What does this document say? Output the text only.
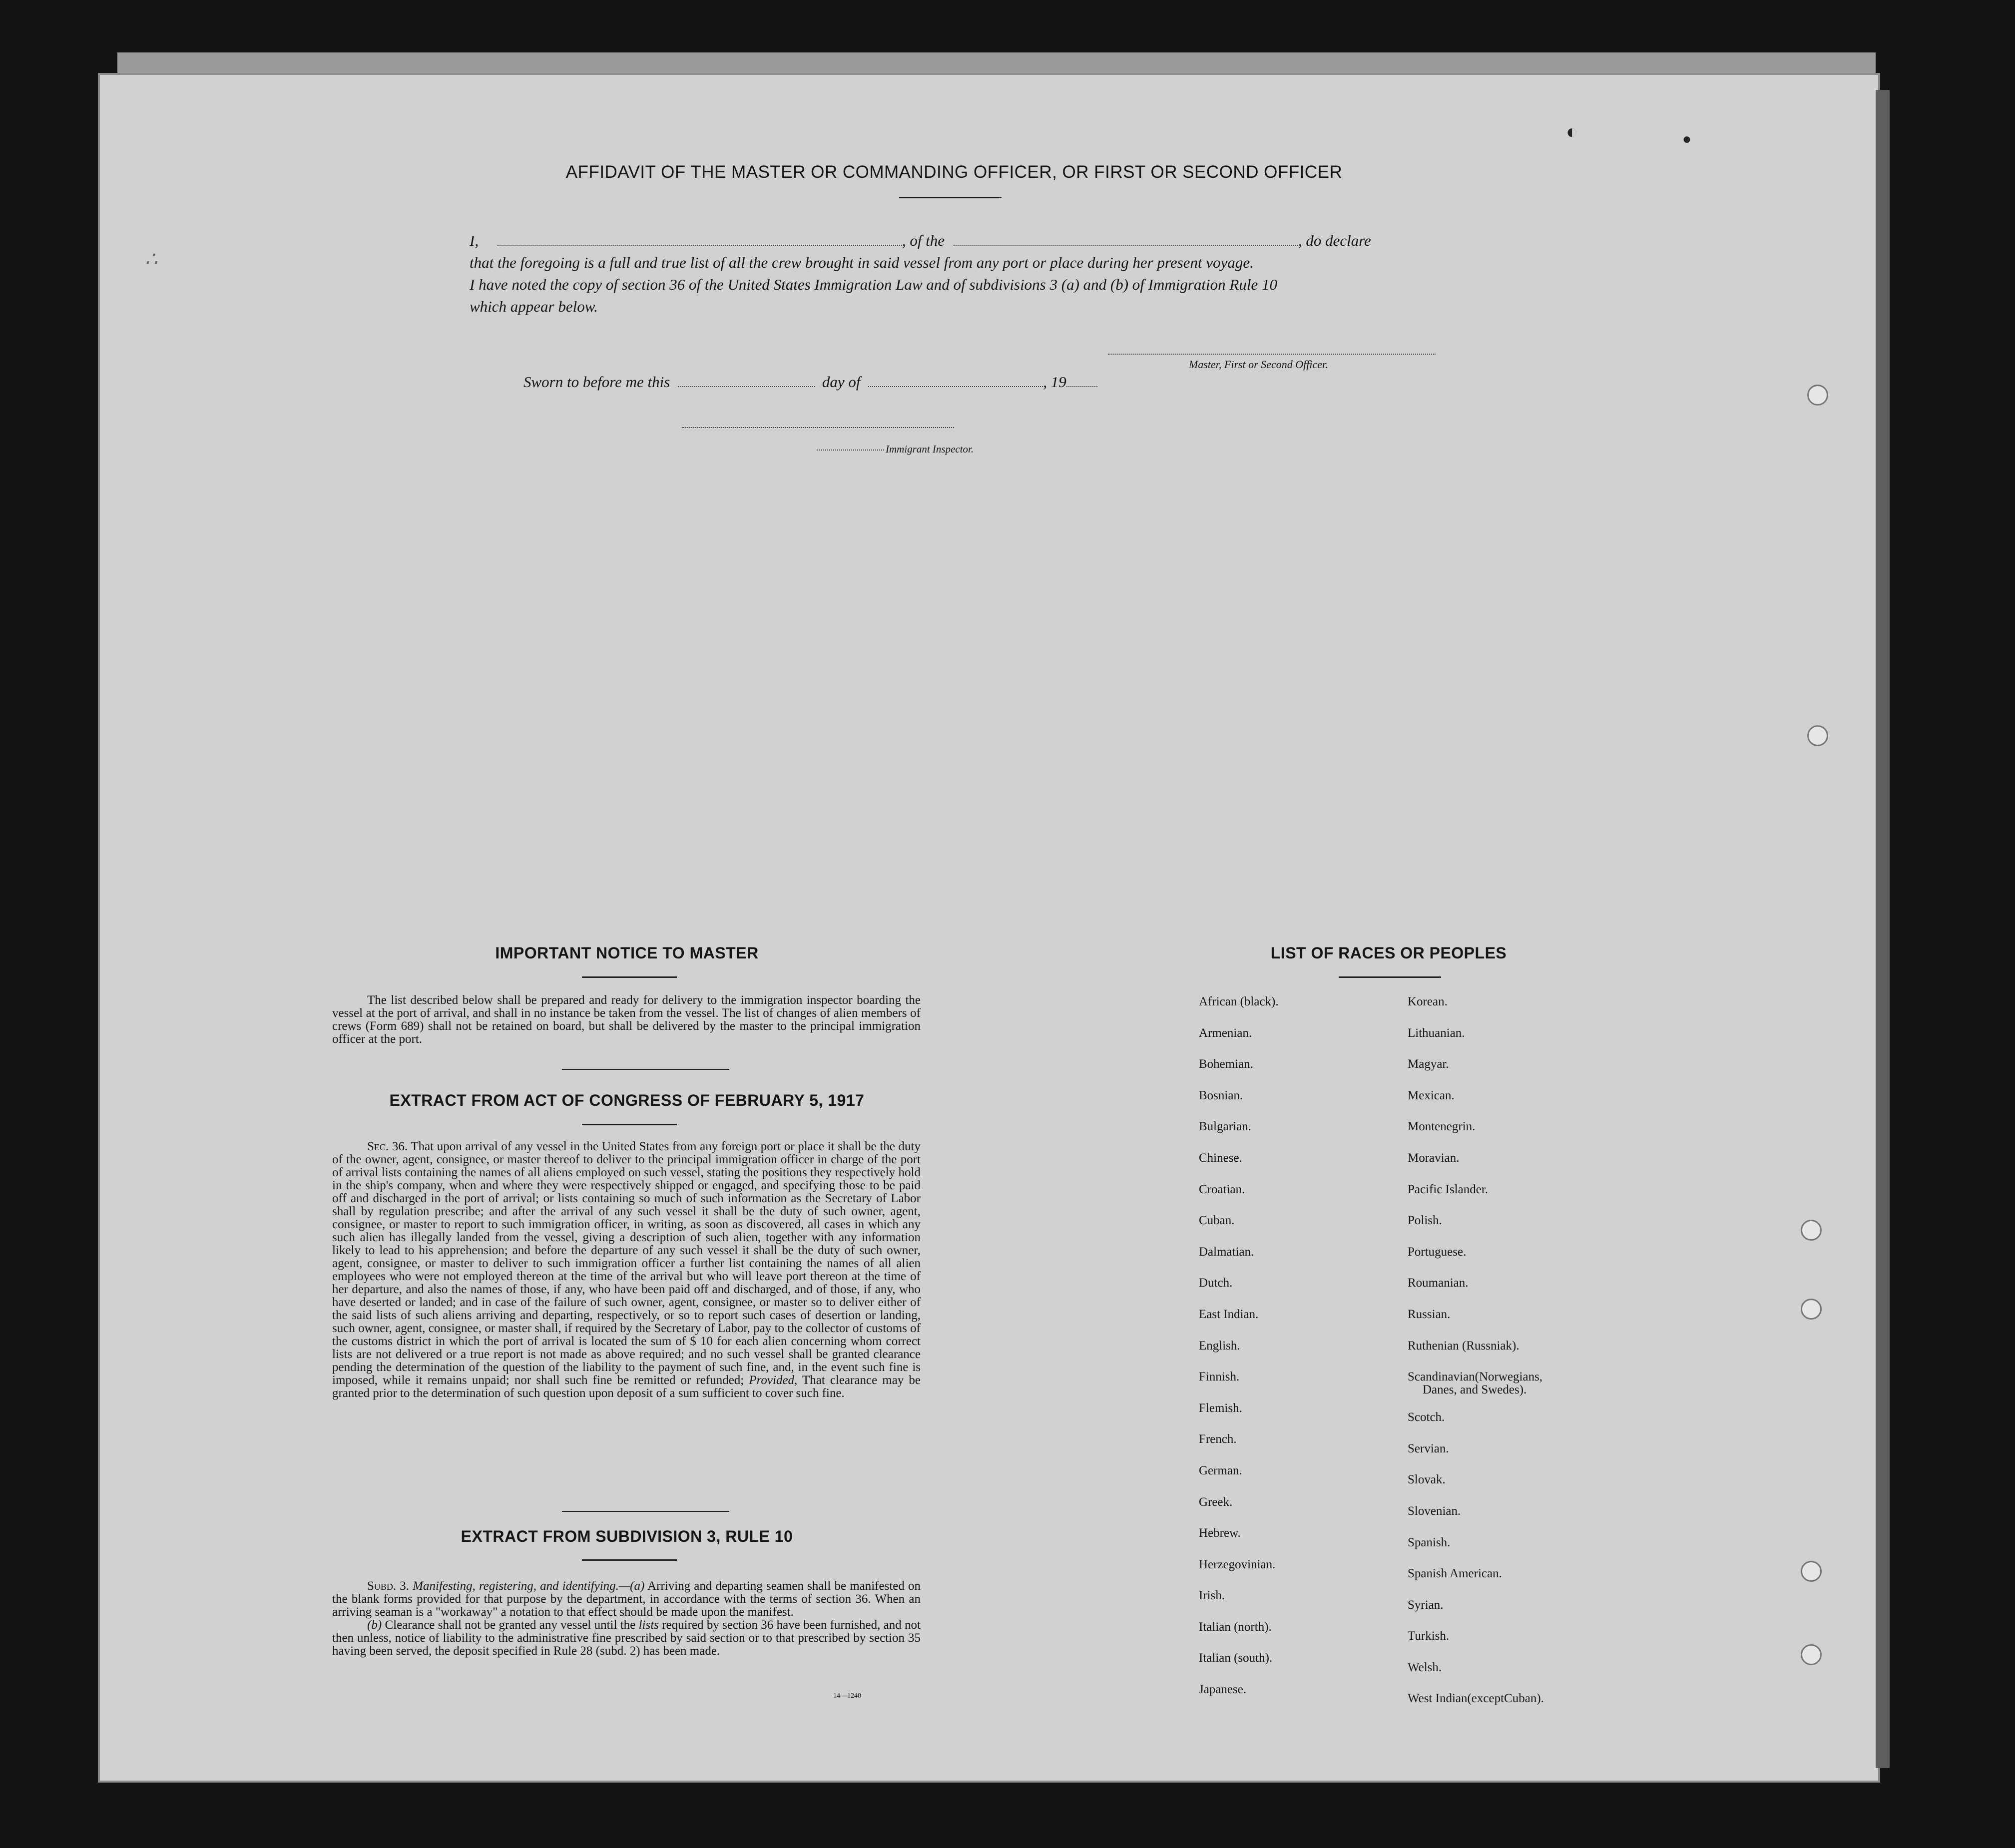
AFFIDAVIT OF THE MASTER OR COMMANDING OFFICER, OR FIRST OR SECOND OFFICER
I,	, of the	, do declare
that the foregoing is a full and true list of all the crew brought in said vessel from any port or place during her present voyage.
I have noted the copy of section 36 of the United States Immigration Law and of subdivisions 3 (a) and (b) of Immigration Rule 10
which appear below.
Master, First or Second Officer.
Sworn to before me this	day of	, 19
Immigrant Inspector.
IMPORTANT NOTICE TO MASTER

The list described below shall be prepared and ready for delivery to the immigration inspector boarding the vessel at the port of arrival, and shall in no instance be taken from the vessel. The list of changes of alien members of crews (Form 689) shall not be retained on board, but shall be delivered by the master to the principal immigration officer at the port.

EXTRACT FROM ACT OF CONGRESS OF FEBRUARY 5, 1917

Sec. 36. That upon arrival of any vessel in the United States from any foreign port or place it shall be the duty of the owner, agent, consignee, or master thereof to deliver to the principal immigration officer in charge of the port of arrival lists containing the names of all aliens employed on such vessel, stating the positions they respectively hold in the ship's company, when and where they were respectively shipped or engaged, and specifying those to be paid off and discharged in the port of arrival; or lists containing so much of such information as the Secretary of Labor shall by regulation prescribe; and after the arrival of any such vessel it shall be the duty of such owner, agent, consignee, or master to report to such immigration officer, in writing, as soon as discovered, all cases in which any such alien has illegally landed from the vessel, giving a description of such alien, together with any information likely to lead to his apprehension; and before the departure of any such vessel it shall be the duty of such owner, agent, consignee, or master to deliver to such immigration officer a further list containing the names of all alien employees who were not employed thereon at the time of the arrival but who will leave port thereon at the time of her departure, and also the names of those, if any, who have been paid off and discharged, and of those, if any, who have deserted or landed; and in case of the failure of such owner, agent, consignee, or master so to deliver either of the said lists of such aliens arriving and departing, respectively, or so to report such cases of desertion or landing, such owner, agent, consignee, or master shall, if required by the Secretary of Labor, pay to the collector of customs of the customs district in which the port of arrival is located the sum of $ 10 for each alien concerning whom correct lists are not delivered or a true report is not made as above required; and no such vessel shall be granted clearance pending the determination of the question of the liability to the payment of such fine, and, in the event such fine is imposed, while it remains unpaid; nor shall such fine be remitted or refunded; Provided, That clearance may be granted prior to the determination of such question upon deposit of a sum sufficient to cover such fine.

EXTRACT FROM SUBDIVISION 3, RULE 10

Subd. 3. Manifesting, registering, and identifying.—(a) Arriving and departing seamen shall be manifested on the blank forms provided for that purpose by the department, in accordance with the terms of section 36. When an arriving seaman is a "workaway" a notation to that effect should be made upon the manifest.

(b) Clearance shall not be granted any vessel until the lists required by section 36 have been furnished, and not then unless, notice of liability to the administrative fine prescribed by said section or to that prescribed by section 35 having been served, the deposit specified in Rule 28 (subd. 2) has been made.

14—1240
LIST OF RACES OR PEOPLES
African (black).
Armenian.
Bohemian.
Bosnian.
Bulgarian.
Chinese.
Croatian.
Cuban.
Dalmatian.
Dutch.
East Indian.
English.
Finnish.
Flemish.
French.
German.
Greek.
Hebrew.
Herzegovinian.
Irish.
Italian (north).
Italian (south).
Japanese.
Korean.
Lithuanian.
Magyar.
Mexican.
Montenegrin.
Moravian.
Pacific Islander.
Polish.
Portuguese.
Roumanian.
Russian.
Ruthenian (Russniak).
Scandinavian(Norwegians,
Danes, and Swedes).
Scotch.
Servian.
Slovak.
Slovenian.
Spanish.
Spanish American.
Syrian.
Turkish.
Welsh.
West Indian(exceptCuban).
◐	●
∴
